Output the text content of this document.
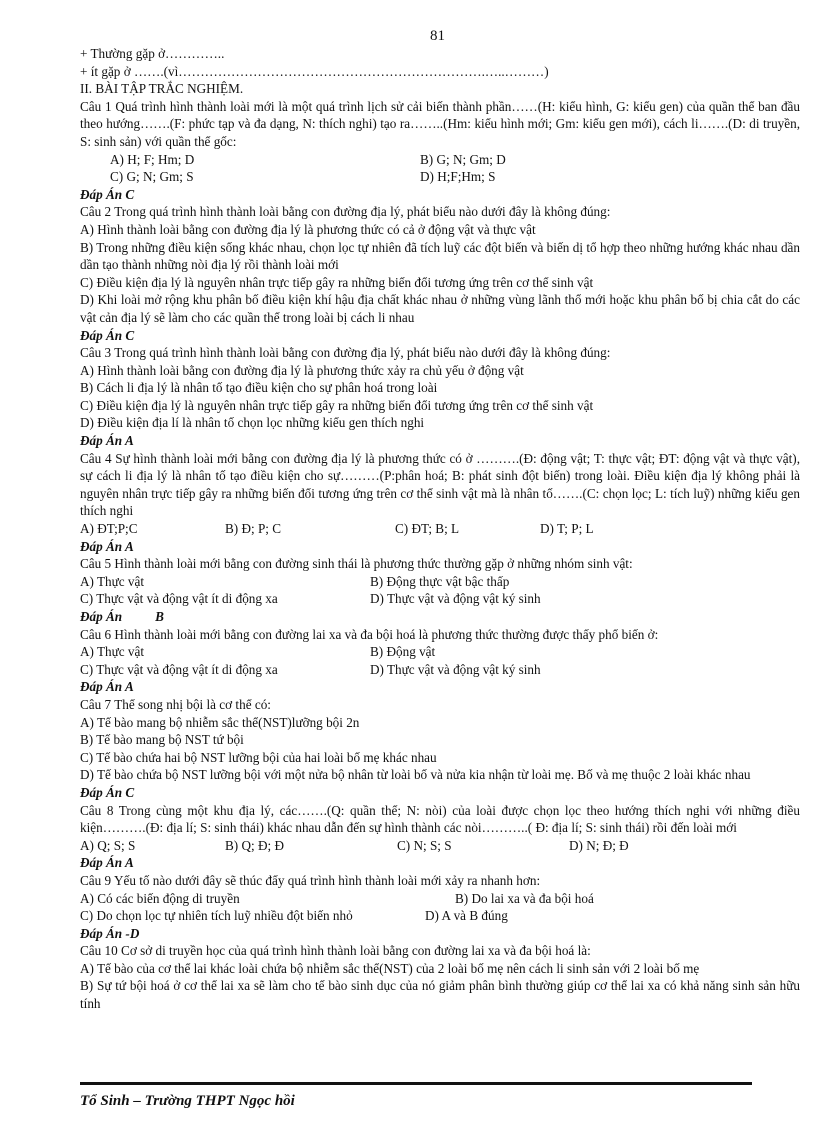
81
+ Thường gặp ở…………..
+ ít gặp ở …….(vì…………………………………………………………….…..………)
II. BÀI TẬP TRẮC NGHIỆM.
Câu 1 Quá trình hình thành loài mới là một quá trình lịch sử cải biến thành phần……(H: kiểu hình, G: kiểu gen) của quần thể ban đầu theo hướng…….(F: phức tạp và đa dạng, N: thích nghi) tạo ra……..(Hm: kiểu hình mới; Gm: kiểu gen mới), cách li…….(D: di truyền, S: sinh sản) với quần thể gốc:
A) H; F; Hm; D	B) G; N; Gm; D
C) G; N; Gm; S	D) H;F;Hm; S
Đáp Án C
Câu 2 Trong quá trình hình thành loài bằng con đường địa lý, phát biểu nào dưới đây là không đúng:
A) Hình thành loài bằng con đường địa lý là phương thức có cả ở động vật và thực vật
B) Trong những điều kiện sống khác nhau, chọn lọc tự nhiên đã tích luỹ các đột biến và biến dị tổ hợp theo những hướng khác nhau dần dần tạo thành những nòi địa lý rồi thành loài mới
C) Điều kiện địa lý là nguyên nhân trực tiếp gây ra những biến đổi tương ứng trên cơ thể sinh vật
D) Khi loài mở rộng khu phân bố điều kiện khí hậu địa chất khác nhau ở những vùng lãnh thổ mới hoặc khu phân bố bị chia cắt do các vật cản địa lý sẽ làm cho các quần thể trong loài bị cách li nhau
Đáp Án C
Câu 3 Trong quá trình hình thành loài bằng con đường địa lý, phát biểu nào dưới đây là không đúng:
A) Hình thành loài bằng con đường địa lý là phương thức xảy ra chủ yếu ở động vật
B) Cách li địa lý là nhân tố tạo điều kiện cho sự phân hoá trong loài
C) Điều kiện địa lý là nguyên nhân trực tiếp gây ra những biến đổi tương ứng trên cơ thể sinh vật
D) Điều kiện địa lí là nhân tố chọn lọc những kiểu gen thích nghi
Đáp Án A
Câu 4 Sự hình thành loài mới bằng con đường địa lý là phương thức có ở ……….(Đ: động vật; T: thực vật; ĐT: động vật và thực vật), sự cách li địa lý là nhân tố tạo điều kiện cho sự………(P:phân hoá; B: phát sinh đột biến) trong loài. Điều kiện địa lý không phải là nguyên nhân trực tiếp gây ra những biến đổi tương ứng trên cơ thể sinh vật mà là nhân tố…….(C: chọn lọc; L: tích luỹ) những kiểu gen thích nghi
A) ĐT;P;C	B) Đ; P; C	C) ĐT; B; L	D) T; P; L
Đáp Án A
Câu 5 Hình thành loài mới bằng con đường sinh thái là phương thức thường gặp ở những nhóm sinh vật:
A) Thực vật	B) Động thực vật bậc thấp
C) Thực vật và động vật ít di động xa	D) Thực vật và động vật ký sinh
Đáp Án          B
Câu 6 Hình thành loài mới bằng con đường lai xa và đa bội hoá là phương thức thường được thấy phổ biến ở:
A) Thực vật	B) Động vật
C) Thực vật và động vật ít di động xa	D) Thực vật và động vật ký sinh
Đáp Án A
Câu 7 Thể song nhị bội là cơ thể có:
A) Tế bào mang bộ nhiễm sắc thể(NST)lưỡng bội 2n
B) Tế bào mang bộ NST tứ bội
C) Tế bào chứa hai bộ NST lưỡng bội của hai loài bố mẹ khác nhau
D) Tế bào chứa bộ NST lưỡng bội với một nửa bộ nhân từ loài bố và nửa kia nhận từ loài mẹ. Bố và mẹ thuộc 2 loài khác nhau
Đáp Án C
Câu 8 Trong cùng một khu địa lý, các…….(Q: quần thể; N: nòi) của loài được chọn lọc theo hướng thích nghi với những điều kiện……….(Đ: địa lí; S: sinh thái) khác nhau dẫn đến sự hình thành các nòi………..( Đ: địa lí; S: sinh thái) rồi đến loài mới
A) Q; S; S	B) Q; Đ; Đ	C) N; S; S	D) N; Đ; Đ
Đáp Án A
Câu 9 Yếu tố nào dưới đây sẽ thúc đẩy quá trình hình thành loài mới xảy ra nhanh hơn:
A) Có các biến động di truyền	B) Do lai xa và đa bội hoá
C) Do chọn lọc tự nhiên tích luỹ nhiều đột biến nhỏ	D) A và B đúng
Đáp Án -D
Câu 10 Cơ sở di truyền học của quá trình hình thành loài bằng con đường lai xa và đa bội hoá là:
A) Tế bào của cơ thể lai khác loài chứa bộ nhiễm sắc thể(NST) của 2 loài bố mẹ nên cách li sinh sản với 2 loài bố mẹ
B) Sự tứ bội hoá ở cơ thể lai xa sẽ làm cho tế bào sinh dục của nó giảm phân bình thường giúp cơ thể lai xa có khả năng sinh sản hữu tính
Tổ Sinh – Trường THPT Ngọc hồi
